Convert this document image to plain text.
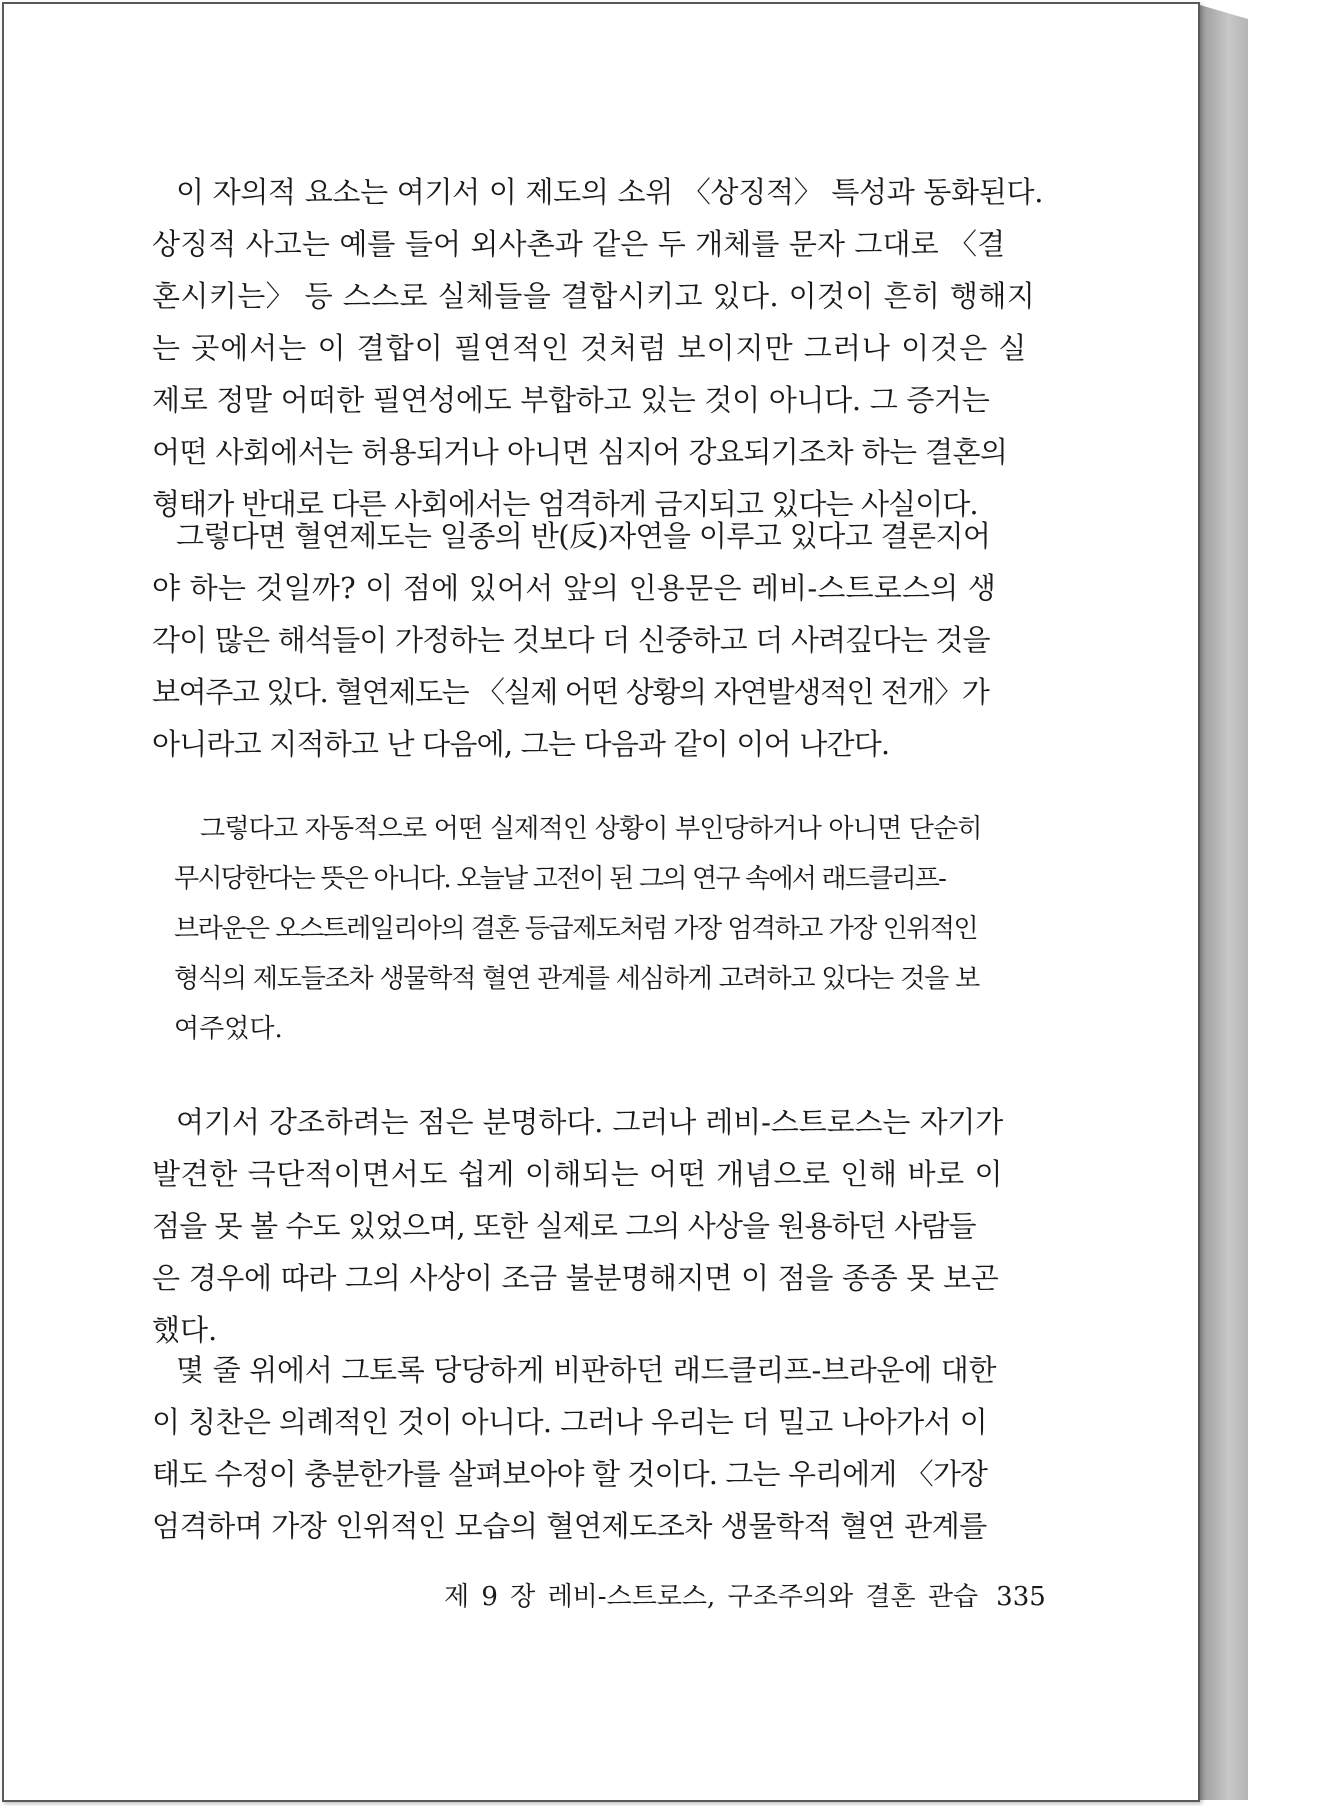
이 자의적 요소는 여기서 이 제도의 소위 〈상징적〉 특성과 동화된다.
상징적 사고는 예를 들어 외사촌과 같은 두 개체를 문자 그대로 〈결
혼시키는〉 등 스스로 실체들을 결합시키고 있다. 이것이 흔히 행해지
는 곳에서는 이 결합이 필연적인 것처럼 보이지만 그러나 이것은 실
제로 정말 어떠한 필연성에도 부합하고 있는 것이 아니다. 그 증거는
어떤 사회에서는 허용되거나 아니면 심지어 강요되기조차 하는 결혼의
형태가 반대로 다른 사회에서는 엄격하게 금지되고 있다는 사실이다.
그렇다면 혈연제도는 일종의 반(反)자연을 이루고 있다고 결론지어
야 하는 것일까? 이 점에 있어서 앞의 인용문은 레비-스트로스의 생
각이 많은 해석들이 가정하는 것보다 더 신중하고 더 사려깊다는 것을
보여주고 있다. 혈연제도는 〈실제 어떤 상황의 자연발생적인 전개〉가
아니라고 지적하고 난 다음에, 그는 다음과 같이 이어 나간다.
그렇다고 자동적으로 어떤 실제적인 상황이 부인당하거나 아니면 단순히
무시당한다는 뜻은 아니다. 오늘날 고전이 된 그의 연구 속에서 래드클리프-
브라운은 오스트레일리아의 결혼 등급제도처럼 가장 엄격하고 가장 인위적인
형식의 제도들조차 생물학적 혈연 관계를 세심하게 고려하고 있다는 것을 보
여주었다.
여기서 강조하려는 점은 분명하다. 그러나 레비-스트로스는 자기가
발견한 극단적이면서도 쉽게 이해되는 어떤 개념으로 인해 바로 이
점을 못 볼 수도 있었으며, 또한 실제로 그의 사상을 원용하던 사람들
은 경우에 따라 그의 사상이 조금 불분명해지면 이 점을 종종 못 보곤
했다.
몇 줄 위에서 그토록 당당하게 비판하던 래드클리프-브라운에 대한
이 칭찬은 의례적인 것이 아니다. 그러나 우리는 더 밀고 나아가서 이
태도 수정이 충분한가를 살펴보아야 할 것이다. 그는 우리에게 〈가장
엄격하며 가장 인위적인 모습의 혈연제도조차 생물학적 혈연 관계를
제 9 장 레비-스트로스, 구조주의와 결혼 관습 335
